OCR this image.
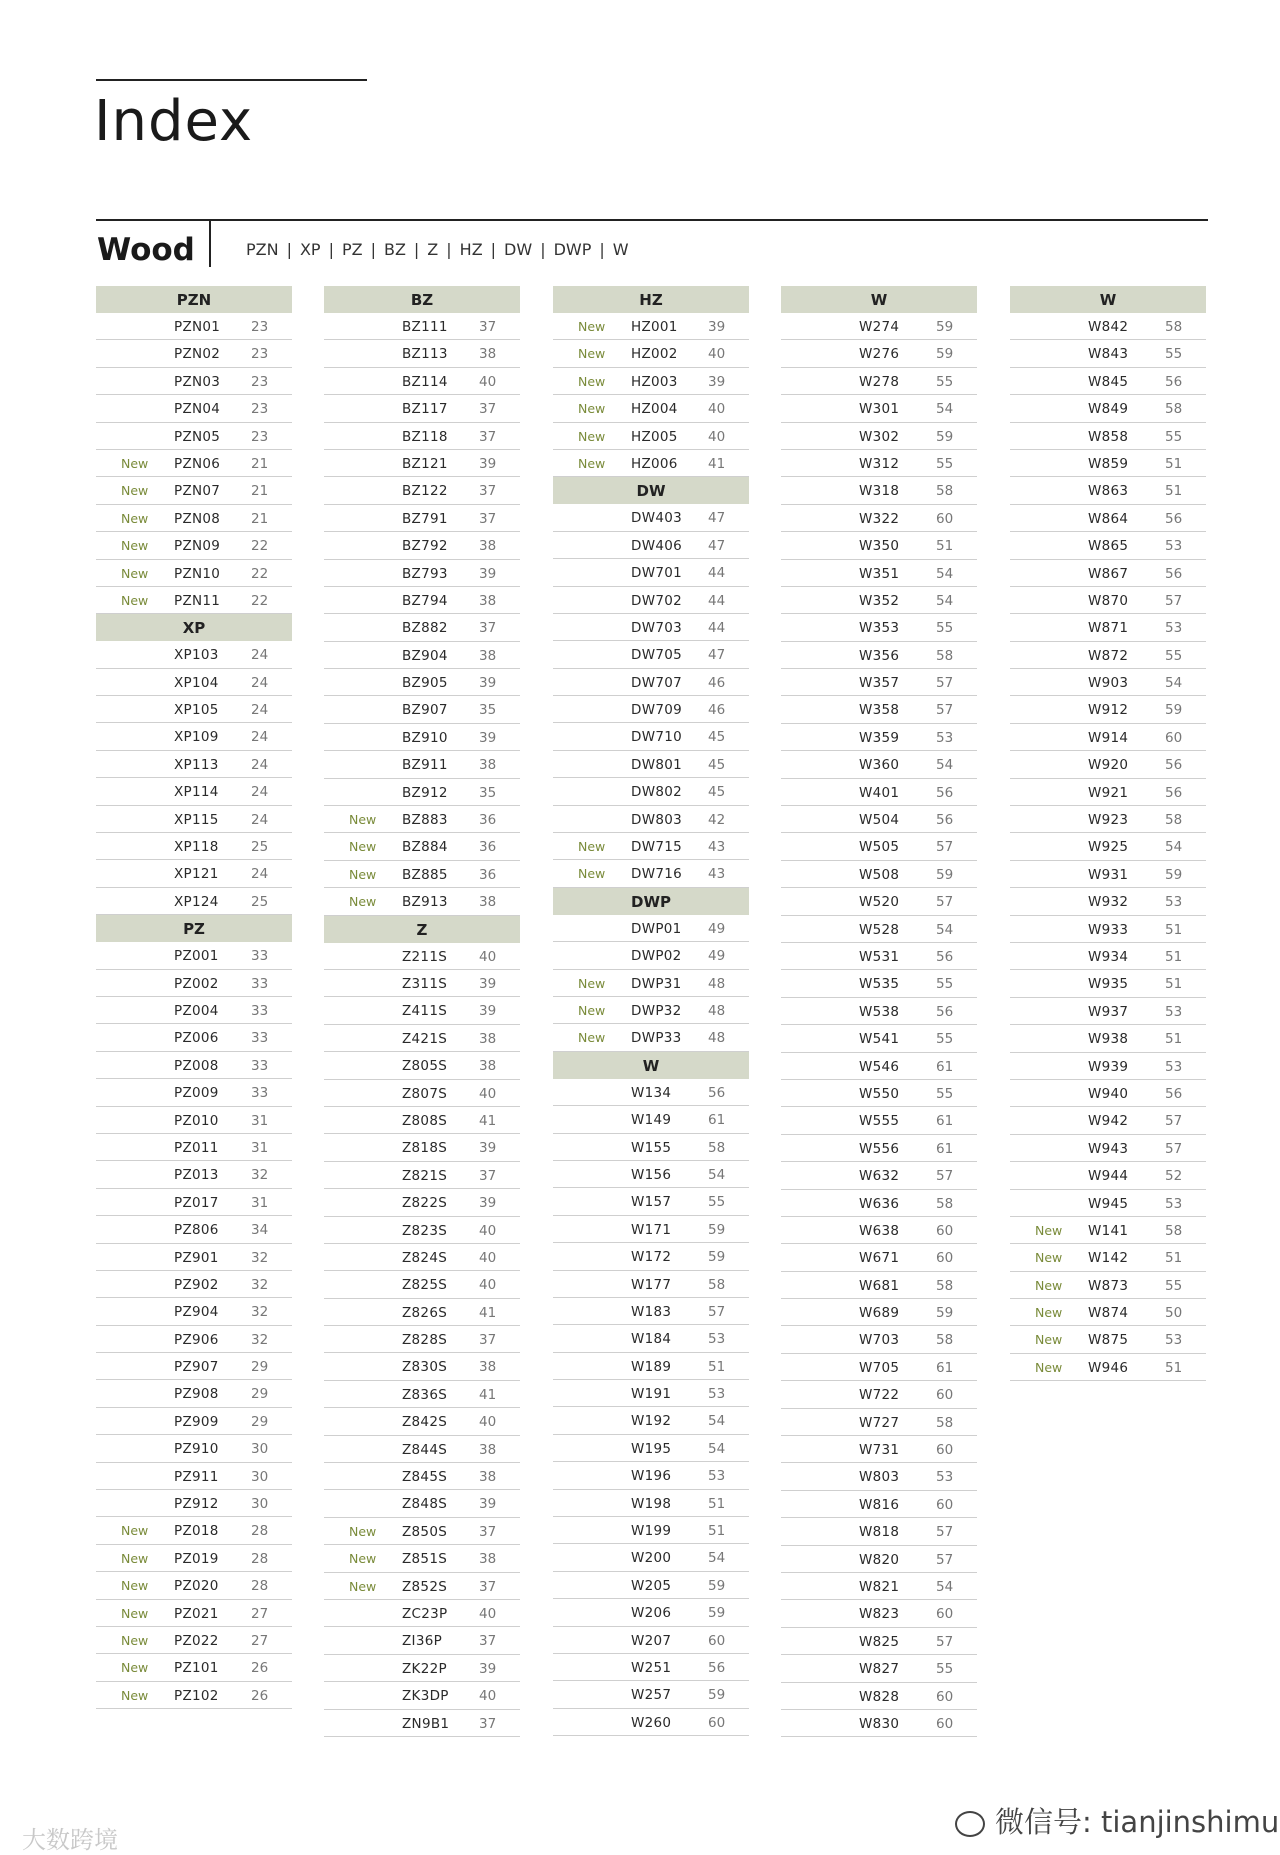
Index
Wood	PZN | XP | PZ | BZ | Z | HZ | DW | DWP | W
PZN
PZN01 23
PZN02 23
PZN03 23
PZN04 23
PZN05 23
New PZN06 21
New PZN07 21
New PZN08 21
New PZN09 22
New PZN10 22
New PZN11 22
XP
XP103 24
XP104 24
XP105 24
XP109 24
XP113 24
XP114 24
XP115 24
XP118 25
XP121 24
XP124 25
PZ
PZ001 33
PZ002 33
PZ004 33
PZ006 33
PZ008 33
PZ009 33
PZ010 31
PZ011 31
PZ013 32
PZ017 31
PZ806 34
PZ901 32
PZ902 32
PZ904 32
PZ906 32
PZ907 29
PZ908 29
PZ909 29
PZ910 30
PZ911 30
PZ912 30
New PZ018 28
New PZ019 28
New PZ020 28
New PZ021 27
New PZ022 27
New PZ101 26
New PZ102 26
BZ
BZ111 37
BZ113 38
BZ114 40
BZ117 37
BZ118 37
BZ121 39
BZ122 37
BZ791 37
BZ792 38
BZ793 39
BZ794 38
BZ882 37
BZ904 38
BZ905 39
BZ907 35
BZ910 39
BZ911 38
BZ912 35
New BZ883 36
New BZ884 36
New BZ885 36
New BZ913 38
Z
Z211S 40
Z311S 39
Z411S 39
Z421S 38
Z805S 38
Z807S 40
Z808S 41
Z818S 39
Z821S 37
Z822S 39
Z823S 40
Z824S 40
Z825S 40
Z826S 41
Z828S 37
Z830S 38
Z836S 41
Z842S 40
Z844S 38
Z845S 38
Z848S 39
New Z850S 37
New Z851S 38
New Z852S 37
ZC23P 40
ZI36P	37
ZK22P 39
ZK3DP 40
ZN9B1 37
HZ
New HZ001 39
New HZ002 40
New HZ003 39
New HZ004 40
New HZ005 40
New HZ006 41
DW
DW403 47
DW406 47
DW701 44
DW702 44
DW703 44
DW705 47
DW707 46
DW709 46
DW710 45
DW801 45
DW802 45
DW803 42
New DW715 43
New DW716 43
DWP
DWP01 49
DWP02 49
New DWP31 48
New DWP32 48
New DWP33 48
W
W134	56
W149	61
W155	58
W156	54
W157	55
W171	59
W172	59
W177	58
W183	57
W184	53
W189	51
W191	53
W192	54
W195	54
W196	53
W198	51
W199	51
W200	54
W205	59
W206	59
W207	60
W251	56
W257	59
W260	60
W
W274	59
W276	59
W278	55
W301	54
W302	59
W312	55
W318	58
W322	60
W350	51
W351	54
W352	54
W353	55
W356	58
W357	57
W358	57
W359	53
W360	54
W401	56
W504	56
W505	57
W508	59
W520	57
W528	54
W531	56
W535	55
W538	56
W541	55
W546	61
W550	55
W555	61
W556	61
W632	57
W636	58
W638	60
W671	60
W681	58
W689	59
W703	58
W705	61
W722	60
W727	58
W731	60
W803	53
W816	60
W818	57
W820	57
W821	54
W823	60
W825	57
W827	55
W828	60
W830	60
W
W842	58
W843	55
W845	56
W849	58
W858	55
W859	51
W863	51
W864	56
W865	53
W867	56
W870	57
W871	53
W872	55
W903	54
W912	59
W914	60
W920	56
W921	56
W923	58
W925	54
W931	59
W932	53
W933	51
W934	51
W935	51
W937	53
W938	51
W939	53
W940	56
W942	57
W943	57
W944	52
W945	53
New W141	58
New W142	51
New W873	55
New W874	50
New W875	53
New W946	51
大数跨境
微信号: tianjinshimu
